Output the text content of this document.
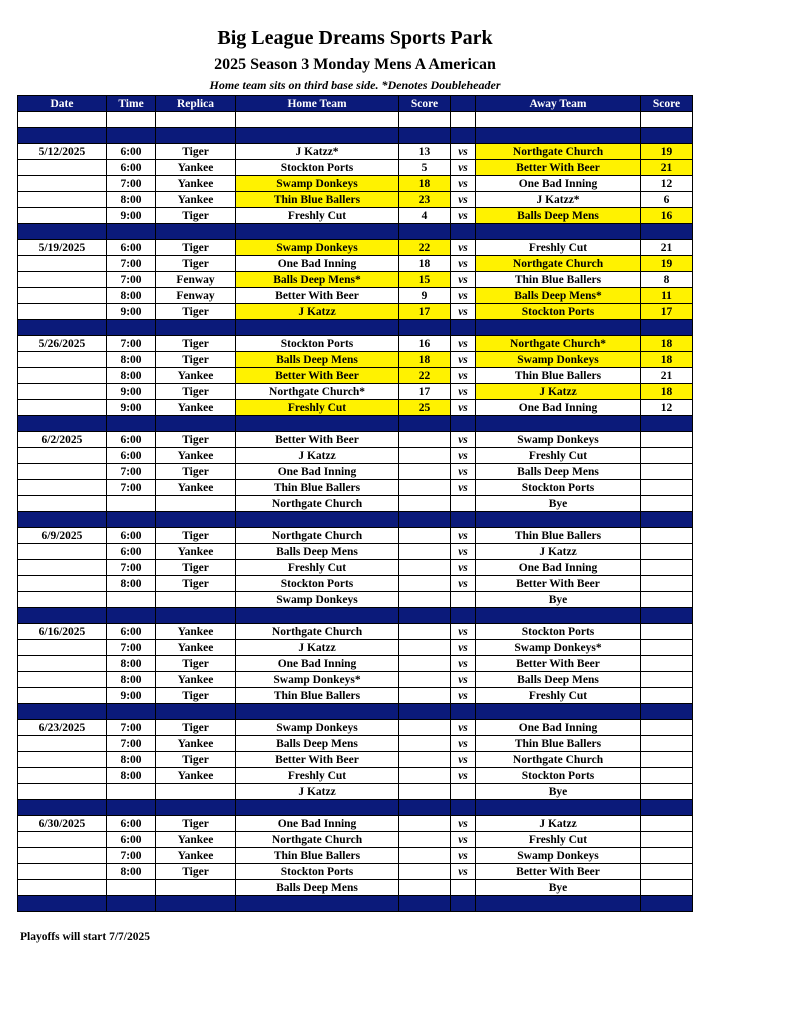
Big League Dreams Sports Park
2025 Season 3 Monday Mens A American
Home team sits on third base side. *Denotes Doubleheader
Date	Time	Replica	Home Team	Score		Away Team	Score

5/12/2025	6:00	Tiger	J Katzz*	13	vs	Northgate Church	19
	6:00	Yankee	Stockton Ports	5	vs	Better With Beer	21
	7:00	Yankee	Swamp Donkeys	18	vs	One Bad Inning	12
	8:00	Yankee	Thin Blue Ballers	23	vs	J Katzz*	6
	9:00	Tiger	Freshly Cut	4	vs	Balls Deep Mens	16

5/19/2025	6:00	Tiger	Swamp Donkeys	22	vs	Freshly Cut	21
	7:00	Tiger	One Bad Inning	18	vs	Northgate Church	19
	7:00	Fenway	Balls Deep Mens*	15	vs	Thin Blue Ballers	8
	8:00	Fenway	Better With Beer	9	vs	Balls Deep Mens*	11
	9:00	Tiger	J Katzz	17	vs	Stockton Ports	17

5/26/2025	7:00	Tiger	Stockton Ports	16	vs	Northgate Church*	18
	8:00	Tiger	Balls Deep Mens	18	vs	Swamp Donkeys	18
	8:00	Yankee	Better With Beer	22	vs	Thin Blue Ballers	21
	9:00	Tiger	Northgate Church*	17	vs	J Katzz	18
	9:00	Yankee	Freshly Cut	25	vs	One Bad Inning	12

6/2/2025	6:00	Tiger	Better With Beer		vs	Swamp Donkeys	
	6:00	Yankee	J Katzz		vs	Freshly Cut	
	7:00	Tiger	One Bad Inning		vs	Balls Deep Mens	
	7:00	Yankee	Thin Blue Ballers		vs	Stockton Ports	
			Northgate Church			Bye	

6/9/2025	6:00	Tiger	Northgate Church		vs	Thin Blue Ballers	
	6:00	Yankee	Balls Deep Mens		vs	J Katzz	
	7:00	Tiger	Freshly Cut		vs	One Bad Inning	
	8:00	Tiger	Stockton Ports		vs	Better With Beer	
			Swamp Donkeys			Bye	

6/16/2025	6:00	Yankee	Northgate Church		vs	Stockton Ports	
	7:00	Yankee	J Katzz		vs	Swamp Donkeys*	
	8:00	Tiger	One Bad Inning		vs	Better With Beer	
	8:00	Yankee	Swamp Donkeys*		vs	Balls Deep Mens	
	9:00	Tiger	Thin Blue Ballers		vs	Freshly Cut	

6/23/2025	7:00	Tiger	Swamp Donkeys		vs	One Bad Inning	
	7:00	Yankee	Balls Deep Mens		vs	Thin Blue Ballers	
	8:00	Tiger	Better With Beer		vs	Northgate Church	
	8:00	Yankee	Freshly Cut		vs	Stockton Ports	
			J Katzz			Bye	

6/30/2025	6:00	Tiger	One Bad Inning		vs	J Katzz	
	6:00	Yankee	Northgate Church		vs	Freshly Cut	
	7:00	Yankee	Thin Blue Ballers		vs	Swamp Donkeys	
	8:00	Tiger	Stockton Ports		vs	Better With Beer	
			Balls Deep Mens			Bye	

Playoffs will start 7/7/2025
